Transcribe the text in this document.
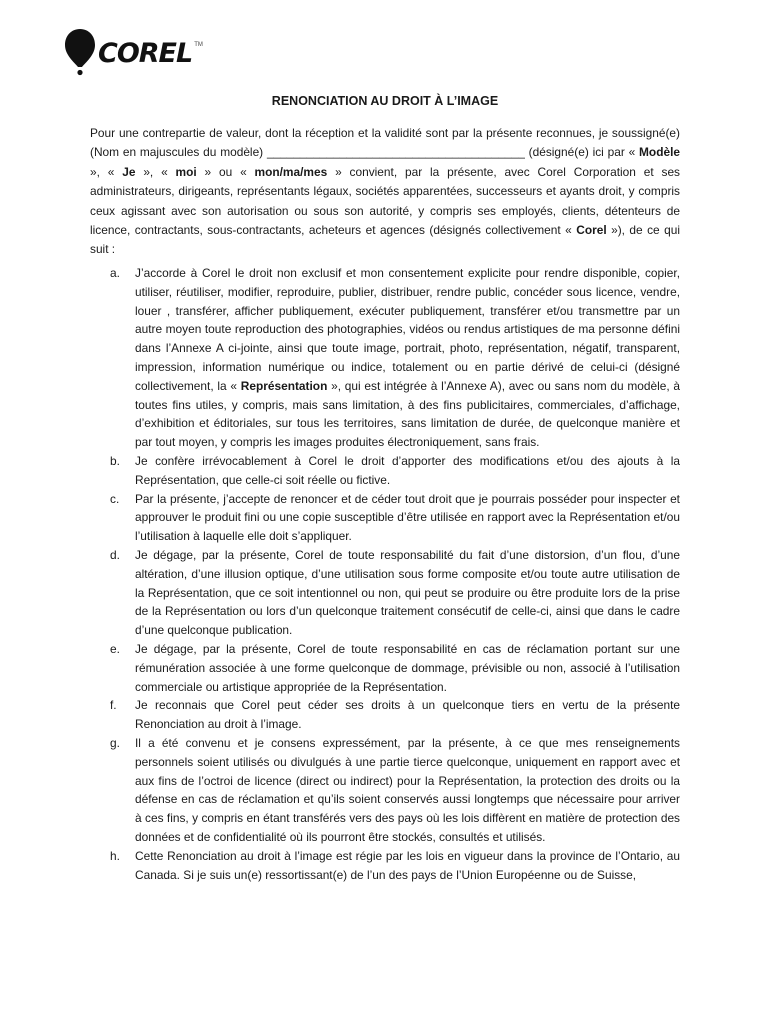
COREL TM
RENONCIATION AU DROIT À L’IMAGE
Pour une contrepartie de valeur, dont la réception et la validité sont par la présente reconnues, je soussigné(e) (Nom en majuscules du modèle) _______________________________________ (désigné(e) ici par « Modèle », « Je », « moi » ou « mon/ma/mes » convient, par la présente, avec Corel Corporation et ses administrateurs, dirigeants, représentants légaux, sociétés apparentées, successeurs et ayants droit, y compris ceux agissant avec son autorisation ou sous son autorité, y compris ses employés, clients, détenteurs de licence, contractants, sous-contractants, acheteurs et agences (désignés collectivement « Corel »), de ce qui suit :
a.	J’accorde à Corel le droit non exclusif et mon consentement explicite pour rendre disponible, copier, utiliser, réutiliser, modifier, reproduire, publier, distribuer, rendre public, concéder sous licence, vendre, louer , transférer, afficher publiquement, exécuter publiquement, transférer et/ou transmettre par un autre moyen toute reproduction des photographies, vidéos ou rendus artistiques de ma personne défini dans l’Annexe A ci-jointe, ainsi que toute image, portrait, photo, représentation, négatif, transparent, impression, information numérique ou indice, totalement ou en partie dérivé de celui-ci (désigné collectivement, la « Représentation », qui est intégrée à l’Annexe A), avec ou sans nom du modèle, à toutes fins utiles, y compris, mais sans limitation, à des fins publicitaires, commerciales, d’affichage, d’exhibition et éditoriales, sur tous les territoires, sans limitation de durée, de quelconque manière et par tout moyen, y compris les images produites électroniquement, sans frais.
b.	Je confère irrévocablement à Corel le droit d’apporter des modifications et/ou des ajouts à la Représentation, que celle-ci soit réelle ou fictive.
c.	Par la présente, j’accepte de renoncer et de céder tout droit que je pourrais posséder pour inspecter et approuver le produit fini ou une copie susceptible d’être utilisée en rapport avec la Représentation et/ou l’utilisation à laquelle elle doit s’appliquer.
d.	Je dégage, par la présente, Corel de toute responsabilité du fait d’une distorsion, d’un flou, d’une altération, d’une illusion optique, d’une utilisation sous forme composite et/ou toute autre utilisation de la Représentation, que ce soit intentionnel ou non, qui peut se produire ou être produite lors de la prise de la Représentation ou lors d’un quelconque traitement consécutif de celle-ci, ainsi que dans le cadre d’une quelconque publication.
e.	Je dégage, par la présente, Corel de toute responsabilité en cas de réclamation portant sur une rémunération associée à une forme quelconque de dommage, prévisible ou non, associé à l’utilisation commerciale ou artistique appropriée de la Représentation.
f.	Je reconnais que Corel peut céder ses droits à un quelconque tiers en vertu de la présente Renonciation au droit à l’image.
g.	Il a été convenu et je consens expressément, par la présente, à ce que mes renseignements personnels soient utilisés ou divulgués à une partie tierce quelconque, uniquement en rapport avec et aux fins de l’octroi de licence (direct ou indirect) pour la Représentation, la protection des droits ou la défense en cas de réclamation et qu’ils soient conservés aussi longtemps que nécessaire pour arriver à ces fins, y compris en étant transférés vers des pays où les lois diffèrent en matière de protection des données et de confidentialité où ils pourront être stockés, consultés et utilisés.
h.	Cette Renonciation au droit à l’image est régie par les lois en vigueur dans la province de l’Ontario, au Canada. Si je suis un(e) ressortissant(e) de l’un des pays de l’Union Européenne ou de Suisse,
